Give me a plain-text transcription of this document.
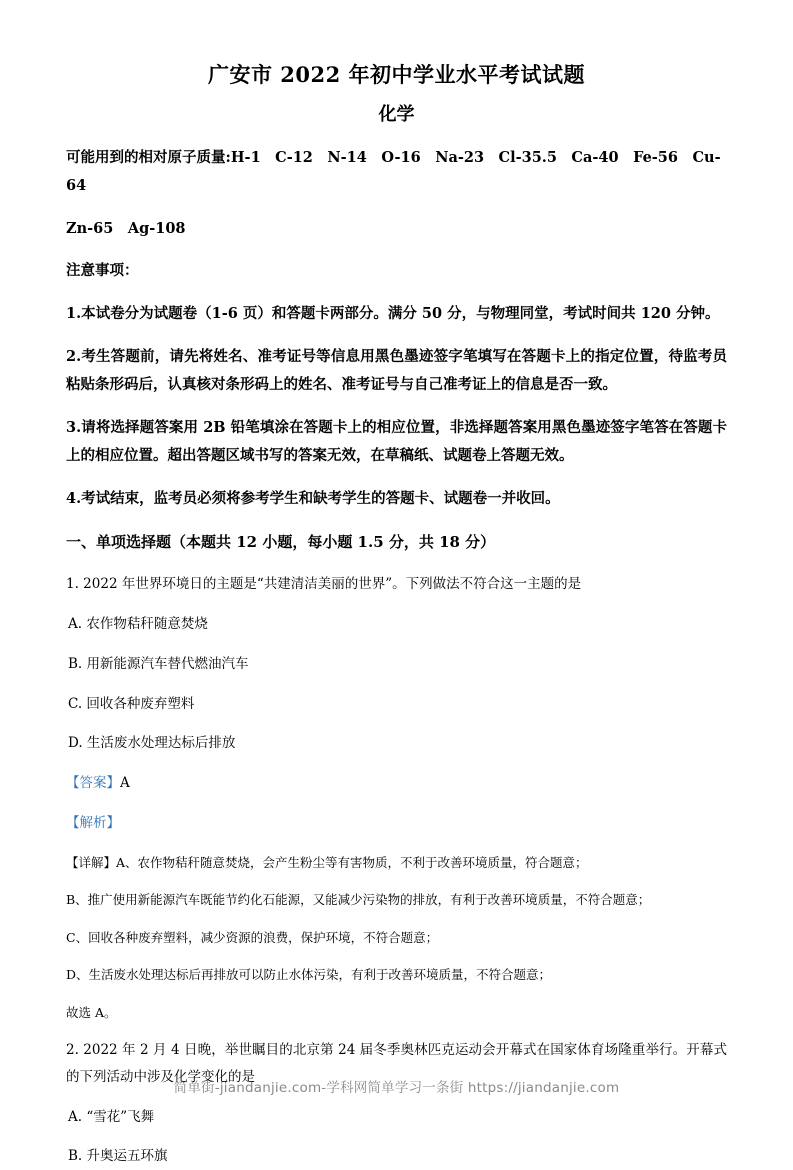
广安市 2022 年初中学业水平考试试题
化学

可能用到的相对原子质量:H-1　C-12　N-14　O-16　Na-23　Cl-35.5　Ca-40　Fe-56　Cu-64

Zn-65　Ag-108

注意事项：

1.本试卷分为试题卷（1-6 页）和答题卡两部分。满分 50 分，与物理同堂，考试时间共 120 分钟。

2.考生答题前，请先将姓名、准考证号等信息用黑色墨迹签字笔填写在答题卡上的指定位置，待监考员粘贴条形码后，认真核对条形码上的姓名、准考证号与自己准考证上的信息是否一致。

3.请将选择题答案用 2B 铅笔填涂在答题卡上的相应位置，非选择题答案用黑色墨迹签字笔答在答题卡上的相应位置。超出答题区域书写的答案无效，在草稿纸、试题卷上答题无效。

4.考试结束，监考员必须将参考学生和缺考学生的答题卡、试题卷一并收回。

一、单项选择题（本题共 12 小题，每小题 1.5 分，共 18 分）

1. 2022 年世界环境日的主题是“共建清洁美丽的世界”。下列做法不符合这一主题的是

A. 农作物秸秆随意焚烧

B. 用新能源汽车替代燃油汽车

C. 回收各种废弃塑料

D. 生活废水处理达标后排放

【答案】A

【解析】

【详解】A、农作物秸秆随意焚烧，会产生粉尘等有害物质，不利于改善环境质量，符合题意；

B、推广使用新能源汽车既能节约化石能源，又能减少污染物的排放，有利于改善环境质量，不符合题意；

C、回收各种废弃塑料，减少资源的浪费，保护环境，不符合题意；

D、生活废水处理达标后再排放可以防止水体污染，有利于改善环境质量，不符合题意；

故选 A。

2. 2022 年 2 月 4 日晚，举世瞩目的北京第 24 届冬季奥林匹克运动会开幕式在国家体育场隆重举行。开幕式的下列活动中涉及化学变化的是

A. “雪花”飞舞

B. 升奥运五环旗

简单街-jiandanjie.com-学科网简单学习一条街 https://jiandanjie.com
